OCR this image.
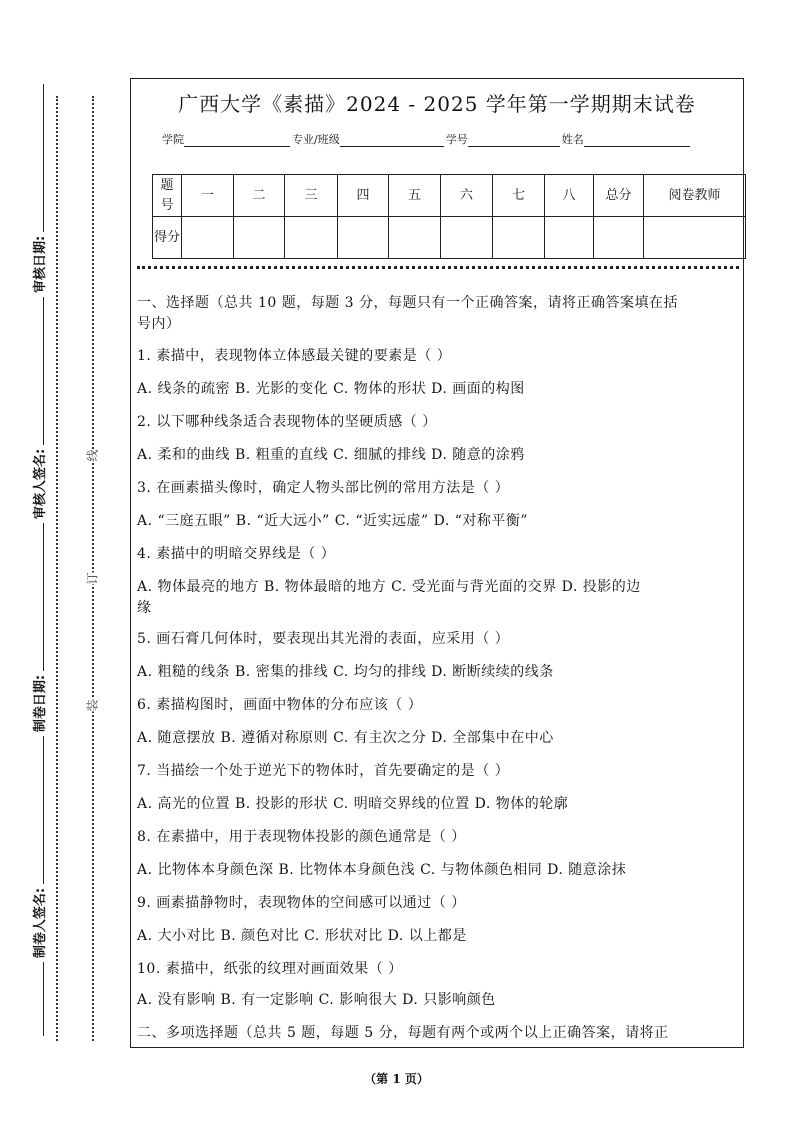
装
订
线
制卷人签名:
制卷日期:
审核人签名:
审核日期:
广西大学《素描》2024 - 2025 学年第一学期期末试卷
学院	专业/班级	学号	姓名
题号	一	二	三	四	五	六	七	八	总分	阅卷教师
得分										
一、选择题（总共 10 题，每题 3 分，每题只有一个正确答案，请将正确答案填在括
号内）
1. 素描中，表现物体立体感最关键的要素是（ ）
A. 线条的疏密 B. 光影的变化 C. 物体的形状 D. 画面的构图
2. 以下哪种线条适合表现物体的坚硬质感（ ）
A. 柔和的曲线 B. 粗重的直线 C. 细腻的排线 D. 随意的涂鸦
3. 在画素描头像时，确定人物头部比例的常用方法是（ ）
A. “三庭五眼” B. “近大远小” C. “近实远虚” D. “对称平衡”
4. 素描中的明暗交界线是（ ）
A. 物体最亮的地方 B. 物体最暗的地方 C. 受光面与背光面的交界 D. 投影的边
缘
5. 画石膏几何体时，要表现出其光滑的表面，应采用（ ）
A. 粗糙的线条 B. 密集的排线 C. 均匀的排线 D. 断断续续的线条
6. 素描构图时，画面中物体的分布应该（ ）
A. 随意摆放 B. 遵循对称原则 C. 有主次之分 D. 全部集中在中心
7. 当描绘一个处于逆光下的物体时，首先要确定的是（ ）
A. 高光的位置 B. 投影的形状 C. 明暗交界线的位置 D. 物体的轮廓
8. 在素描中，用于表现物体投影的颜色通常是（ ）
A. 比物体本身颜色深 B. 比物体本身颜色浅 C. 与物体颜色相同 D. 随意涂抹
9. 画素描静物时，表现物体的空间感可以通过（ ）
A. 大小对比 B. 颜色对比 C. 形状对比 D. 以上都是
10. 素描中，纸张的纹理对画面效果（ ）
A. 没有影响 B. 有一定影响 C. 影响很大 D. 只影响颜色
二、多项选择题（总共 5 题，每题 5 分，每题有两个或两个以上正确答案，请将正
（第 1 页）
